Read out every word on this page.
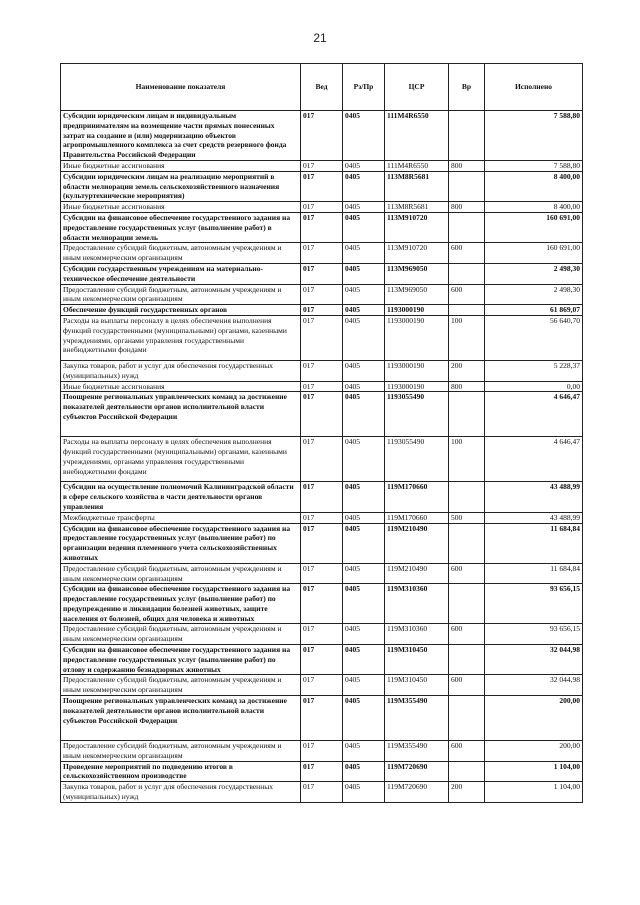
21
Наименование показателя	Вед	Рз/Пр	ЦСР	Вр	Исполнено
Субсидии юридическим лицам и индивидуальным предпринимателям на возмещение части прямых понесенных затрат на создание и (или) модернизацию объектов агропромышленного комплекса за счет средств резервного фонда Правительства Российской Федерации	017	0405	111M4R6550		7 588,80
Иные бюджетные ассигнования	017	0405	111M4R6550	800	7 588,80
Субсидии юридическим лицам на реализацию мероприятий в области мелиорации земель сельскохозяйственного назначения (культуртехнические мероприятия)	017	0405	113M8R5681		8 400,00
Иные бюджетные ассигнования	017	0405	113M8R5681	800	8 400,00
Субсидии на финансовое обеспечение государственного задания на предоставление государственных услуг (выполнение работ) в области мелиорации земель	017	0405	113M910720		160 691,00
Предоставление субсидий бюджетным, автономным учреждениям и иным некоммерческим организациям	017	0405	113M910720	600	160 691,00
Субсидии государственным учреждениям на материально-техническое обеспечение деятельности	017	0405	113M969050		2 498,30
Предоставление субсидий бюджетным, автономным учреждениям и иным некоммерческим организациям	017	0405	113M969050	600	2 498,30
Обеспечение функций государственных органов	017	0405	1193000190		61 869,07
Расходы на выплаты персоналу в целях обеспечения выполнения функций государственными (муниципальными) органами, казенными учреждениями, органами управления государственными внебюджетными фондами	017	0405	1193000190	100	56 640,70
Закупка товаров, работ и услуг для обеспечения государственных (муниципальных) нужд	017	0405	1193000190	200	5 228,37
Иные бюджетные ассигнования	017	0405	1193000190	800	0,00
Поощрение региональных управленческих команд за достижение показателей деятельности органов исполнительной власти субъектов Российской Федерации	017	0405	1193055490		4 646,47
Расходы на выплаты персоналу в целях обеспечения выполнения функций государственными (муниципальными) органами, казенными учреждениями, органами управления государственными внебюджетными фондами	017	0405	1193055490	100	4 646,47
Субсидии на осуществление полномочий Калининградской области в сфере сельского хозяйства в части деятельности органов управления	017	0405	119M170660		43 488,99
Межбюджетные трансферты	017	0405	119M170660	500	43 488,99
Субсидии на финансовое обеспечение государственного задания на предоставление государственных услуг (выполнение работ) по организации ведения племенного учета сельскохозяйственных животных	017	0405	119M210490		11 684,84
Предоставление субсидий бюджетным, автономным учреждениям и иным некоммерческим организациям	017	0405	119M210490	600	11 684,84
Субсидии на финансовое обеспечение государственного задания на предоставление государственных услуг (выполнение работ) по предупреждению и ликвидации болезней животных, защите населения от болезней, общих для человека и животных	017	0405	119M310360		93 656,15
Предоставление субсидий бюджетным, автономным учреждениям и иным некоммерческим организациям	017	0405	119M310360	600	93 656,15
Субсидии на финансовое обеспечение государственного задания на предоставление государственных услуг (выполнение работ) по отлову и содержанию безнадзорных животных	017	0405	119M310450		32 044,98
Предоставление субсидий бюджетным, автономным учреждениям и иным некоммерческим организациям	017	0405	119M310450	600	32 044,98
Поощрение региональных управленческих команд за достижение показателей деятельности органов исполнительной власти субъектов Российской Федерации	017	0405	119M355490		200,00
Предоставление субсидий бюджетным, автономным учреждениям и иным некоммерческим организациям	017	0405	119M355490	600	200,00
Проведение мероприятий по подведению итогов в сельскохозяйственном производстве	017	0405	119M720690		1 104,00
Закупка товаров, работ и услуг для обеспечения государственных (муниципальных) нужд	017	0405	119M720690	200	1 104,00
